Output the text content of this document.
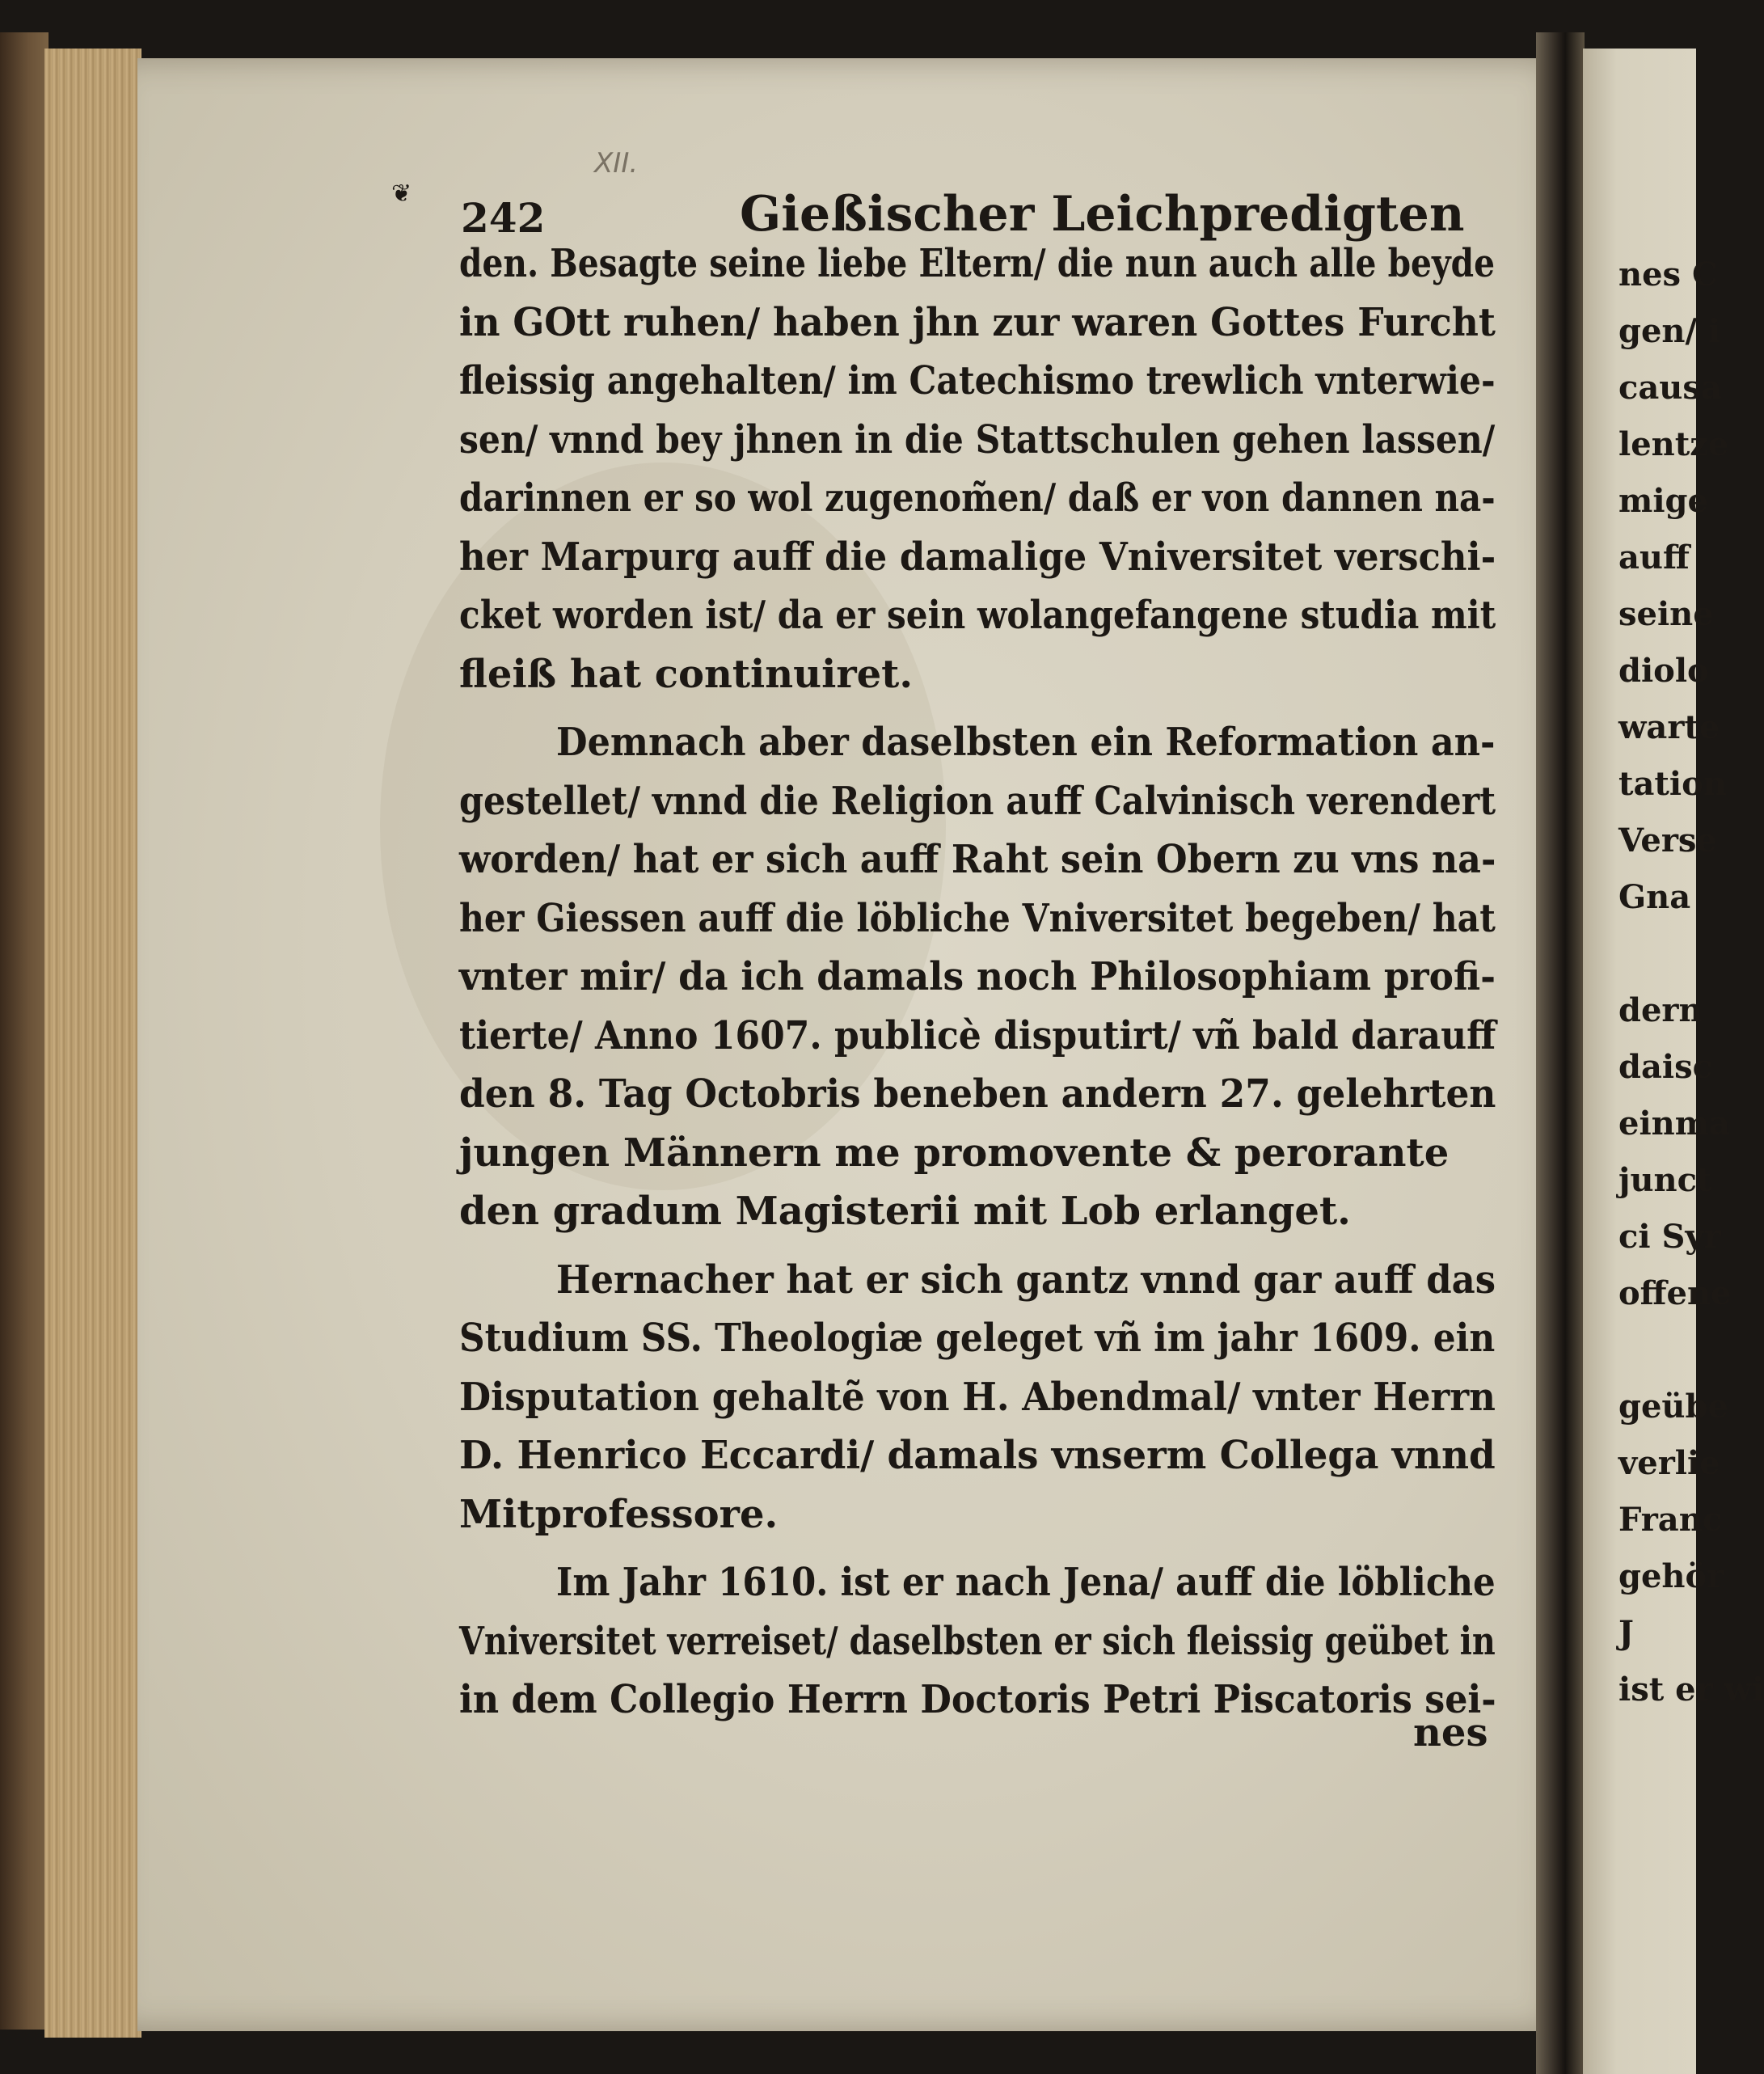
XII.
❦
242	Gießischer Leichpredigten
den. Besagte seine liebe Eltern/ die nun auch alle beyde
in GOtt ruhen/ haben jhn zur waren Gottes Furcht
fleissig angehalten/ im Catechismo trewlich vnterwie-
sen/ vnnd bey jhnen in die Stattschulen gehen lassen/
darinnen er so wol zugenom̃en/ daß er von dannen na-
her Marpurg auff die damalige Vniversitet verschi-
cket worden ist/ da er sein wolangefangene studia mit
fleiß hat continuiret.
Demnach aber daselbsten ein Reformation an-
gestellet/ vnnd die Religion auff Calvinisch verendert
worden/ hat er sich auff Raht sein Obern zu vns na-
her Giessen auff die löbliche Vniversitet begeben/ hat
vnter mir/ da ich damals noch Philosophiam profi-
tierte/ Anno 1607. publicè disputirt/ vñ bald darauff
den 8. Tag Octobris beneben andern 27. gelehrten
jungen Männern me promovente & perorante
den gradum Magisterii mit Lob erlanget.
Hernacher hat er sich gantz vnnd gar auff das
Studium SS. Theologiæ geleget vñ im jahr 1609. ein
Disputation gehaltẽ von H. Abendmal/ vnter Herrn
D. Henrico Eccardi/ damals vnserm Collega vnnd
Mitprofessore.
Im Jahr 1610. ist er nach Jena/ auff die löbliche
Vniversitet verreiset/ daselbsten er sich fleissig geübet in
in dem Collegio Herrn Doctoris Petri Piscatoris sei-
nes
nes C
gen/ i
causa
lentze
mige
auff
seine
diolo
warte
tation
Verse
Gna
dern
daisc
einma
junct
ci Syr
offene
geübe
verlie
Franc
gehör
J
ist er wi
